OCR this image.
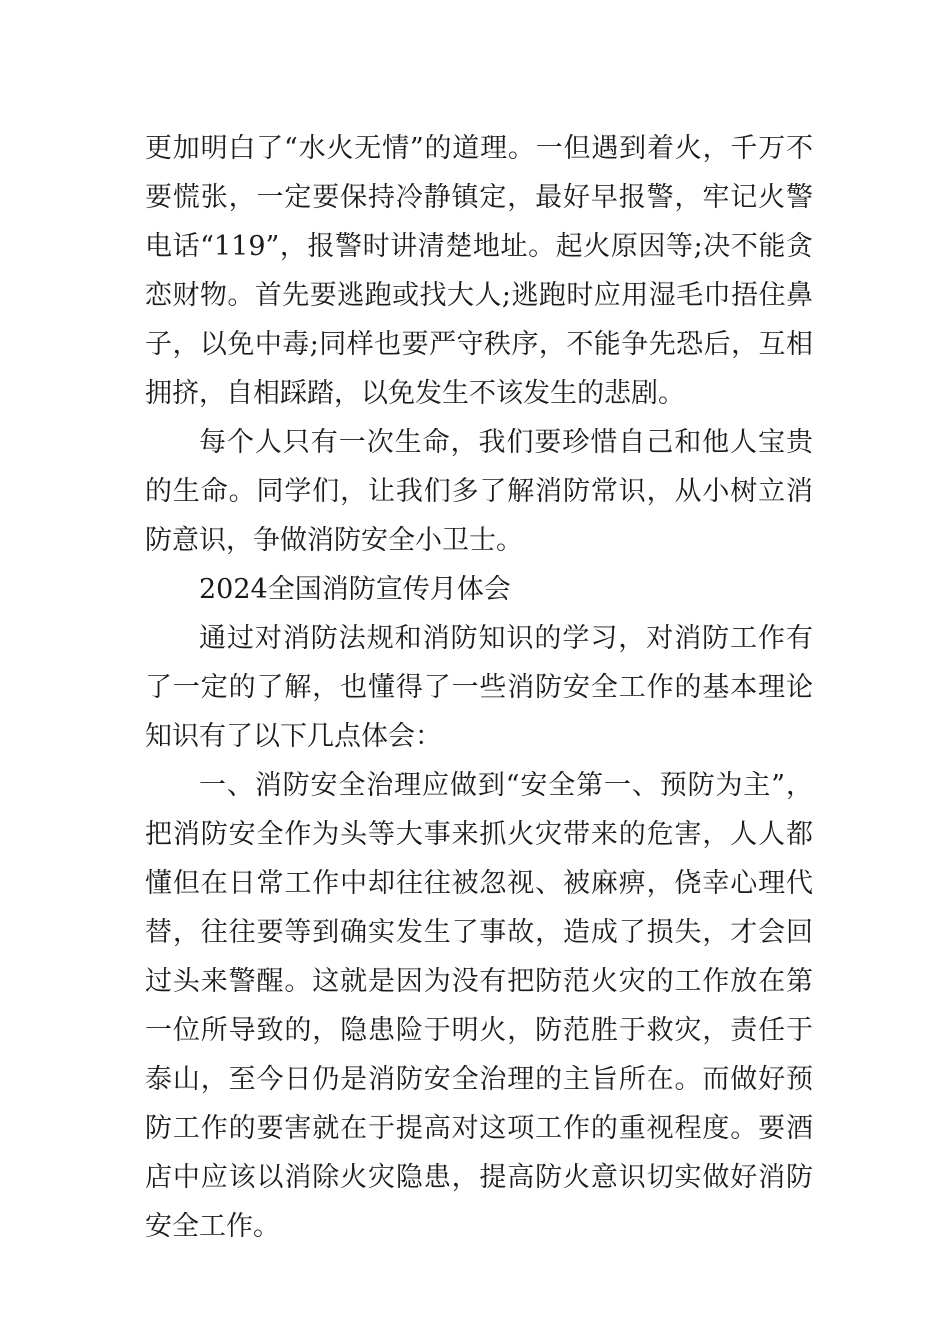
更加明白了“水火无情”的道理。一但遇到着火，千万不要慌张，一定要保持冷静镇定，最好早报警，牢记火警电话“119”，报警时讲清楚地址。起火原因等;决不能贪恋财物。首先要逃跑或找大人;逃跑时应用湿毛巾捂住鼻子，以免中毒;同样也要严守秩序，不能争先恐后，互相拥挤，自相踩踏，以免发生不该发生的悲剧。

每个人只有一次生命，我们要珍惜自己和他人宝贵的生命。同学们，让我们多了解消防常识，从小树立消防意识，争做消防安全小卫士。

2024全国消防宣传月体会

通过对消防法规和消防知识的学习，对消防工作有了一定的了解，也懂得了一些消防安全工作的基本理论知识有了以下几点体会：

一、消防安全治理应做到“安全第一、预防为主”，把消防安全作为头等大事来抓火灾带来的危害，人人都懂但在日常工作中却往往被忽视、被麻痹，侥幸心理代替，往往要等到确实发生了事故，造成了损失，才会回过头来警醒。这就是因为没有把防范火灾的工作放在第一位所导致的，隐患险于明火，防范胜于救灾，责任于泰山，至今日仍是消防安全治理的主旨所在。而做好预防工作的要害就在于提高对这项工作的重视程度。要酒店中应该以消除火灾隐患，提高防火意识切实做好消防安全工作。
